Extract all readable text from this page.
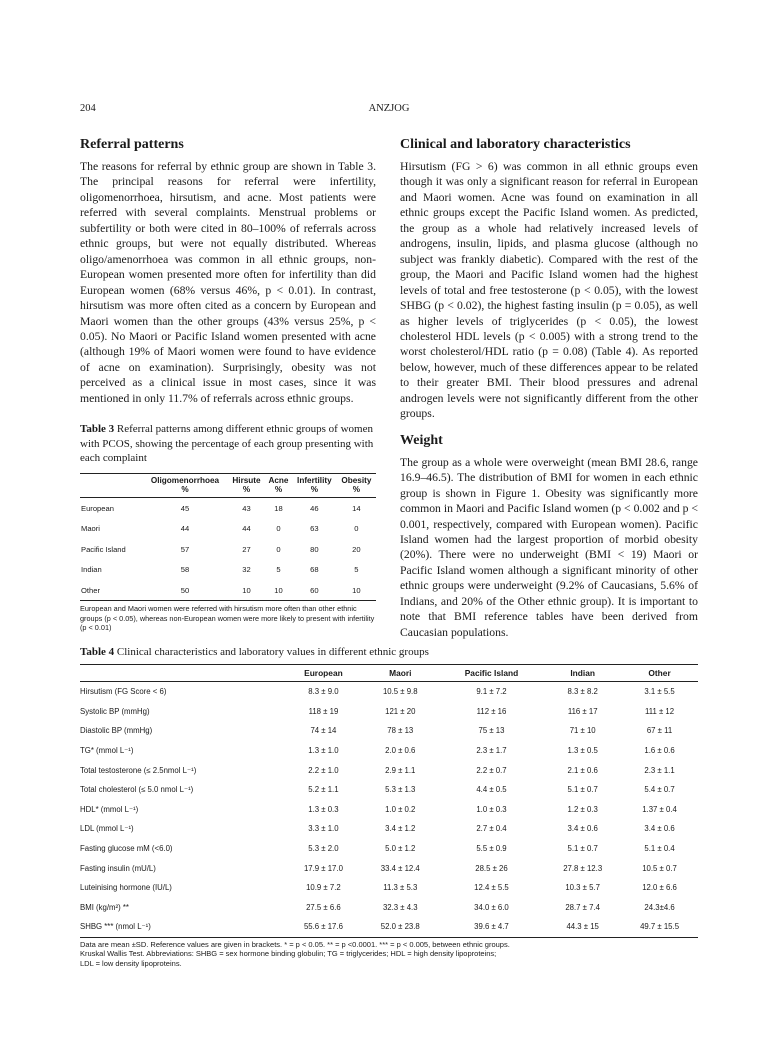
204	ANZJOG
Referral patterns

The reasons for referral by ethnic group are shown in Table 3. The principal reasons for referral were infertility, oligomenorrhoea, hirsutism, and acne. Most patients were referred with several complaints. Menstrual problems or subfertility or both were cited in 80–100% of referrals across ethnic groups, but were not equally distributed. Whereas oligo/amenorrhoea was common in all ethnic groups, non-European women presented more often for infertility than did European women (68% versus 46%, p < 0.01). In contrast, hirsutism was more often cited as a concern by European and Maori women than the other groups (43% versus 25%, p < 0.05). No Maori or Pacific Island women presented with acne (although 19% of Maori women were found to have evidence of acne on examination). Surprisingly, obesity was not perceived as a clinical issue in most cases, since it was mentioned in only 11.7% of referrals across ethnic groups.

Table 3 Referral patterns among different ethnic groups of women with PCOS, showing the percentage of each group presenting with each complaint
	Oligomenorrhoea	Hirsute	Acne	Infertility	Obesity
	%	%	%	%	%
European	45	43	18	46	14
Maori	44	44	0	63	0
Pacific Island	57	27	0	80	20
Indian	58	32	5	68	5
Other	50	10	10	60	10
European and Maori women were referred with hirsutism more often than other ethnic groups (p < 0.05), whereas non-European women were more likely to present with infertility (p < 0.01)
Clinical and laboratory characteristics

Hirsutism (FG > 6) was common in all ethnic groups even though it was only a significant reason for referral in European and Maori women. Acne was found on examination in all ethnic groups except the Pacific Island women. As predicted, the group as a whole had relatively increased levels of androgens, insulin, lipids, and plasma glucose (although no subject was frankly diabetic). Compared with the rest of the group, the Maori and Pacific Island women had the highest levels of total and free testosterone (p < 0.05), with the lowest SHBG (p < 0.02), the highest fasting insulin (p = 0.05), as well as higher levels of triglycerides (p < 0.05), the lowest cholesterol HDL levels (p < 0.005) with a strong trend to the worst cholesterol/HDL ratio (p = 0.08) (Table 4). As reported below, however, much of these differences appear to be related to their greater BMI. Their blood pressures and adrenal androgen levels were not significantly different from the other groups.

Weight

The group as a whole were overweight (mean BMI 28.6, range 16.9–46.5). The distribution of BMI for women in each ethnic group is shown in Figure 1. Obesity was significantly more common in Maori and Pacific Island women (p < 0.002 and p < 0.001, respectively, compared with European women). Pacific Island women had the largest proportion of morbid obesity (20%). There were no underweight (BMI < 19) Maori or Pacific Island women although a significant minority of other ethnic groups were underweight (9.2% of Caucasians, 5.6% of Indians, and 20% of the Other ethnic group). It is important to note that BMI reference tables have been derived from Caucasian populations.

Table 4 Clinical characteristics and laboratory values in different ethnic groups
	European	Maori	Pacific Island	Indian	Other
Hirsutism (FG Score < 6)	8.3 ± 9.0	10.5 ± 9.8	9.1 ± 7.2	8.3 ± 8.2	3.1 ± 5.5
Systolic BP (mmHg)	118 ± 19	121 ± 20	112 ± 16	116 ± 17	111 ± 12
Diastolic BP (mmHg)	74 ± 14	78 ± 13	75 ± 13	71 ± 10	67 ± 11
TG* (mmol L⁻¹)	1.3 ± 1.0	2.0 ± 0.6	2.3 ± 1.7	1.3 ± 0.5	1.6 ± 0.6
Total testosterone (≤ 2.5nmol L⁻¹)	2.2 ± 1.0	2.9 ± 1.1	2.2 ± 0.7	2.1 ± 0.6	2.3 ± 1.1
Total cholesterol (≤ 5.0 nmol L⁻¹)	5.2 ± 1.1	5.3 ± 1.3	4.4 ± 0.5	5.1 ± 0.7	5.4 ± 0.7
HDL* (mmol L⁻¹)	1.3 ± 0.3	1.0 ± 0.2	1.0 ± 0.3	1.2 ± 0.3	1.37 ± 0.4
LDL (mmol L⁻¹)	3.3 ± 1.0	3.4 ± 1.2	2.7 ± 0.4	3.4 ± 0.6	3.4 ± 0.6
Fasting glucose mM (<6.0)	5.3 ± 2.0	5.0 ± 1.2	5.5 ± 0.9	5.1 ± 0.7	5.1 ± 0.4
Fasting insulin (mU/L)	17.9 ± 17.0	33.4 ± 12.4	28.5 ± 26	27.8 ± 12.3	10.5 ± 0.7
Luteinising hormone (IU/L)	10.9 ± 7.2	11.3 ± 5.3	12.4 ± 5.5	10.3 ± 5.7	12.0 ± 6.6
BMI (kg/m²) **	27.5 ± 6.6	32.3 ± 4.3	34.0 ± 6.0	28.7 ± 7.4	24.3±4.6
SHBG *** (nmol L⁻¹)	55.6 ± 17.6	52.0 ± 23.8	39.6 ± 4.7	44.3 ± 15	49.7 ± 15.5
Data are mean ±SD. Reference values are given in brackets. * = p < 0.05. ** = p <0.0001. *** = p < 0.005, between ethnic groups.
Kruskal Wallis Test. Abbreviations: SHBG = sex hormone binding globulin; TG = triglycerides; HDL = high density lipoproteins;
LDL = low density lipoproteins.
